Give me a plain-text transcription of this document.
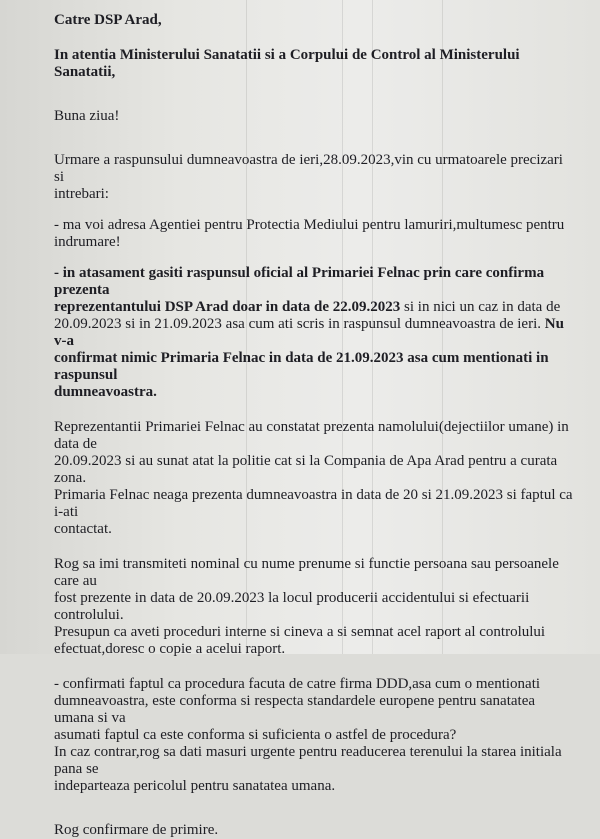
Catre DSP Arad,

In atentia Ministerului Sanatatii si a Corpului de Control al Ministerului Sanatatii,

Buna ziua!

Urmare a raspunsului dumneavoastra de ieri,28.09.2023,vin cu urmatoarele precizari si

intrebari:

- ma voi adresa Agentiei pentru Protectia Mediului pentru lamuriri,multumesc pentru

indrumare!

- in atasament gasiti raspunsul oficial al Primariei Felnac prin care confirma prezenta

reprezentantului DSP Arad doar in data de 22.09.2023 si in nici un caz in data de

20.09.2023 si in 21.09.2023 asa cum ati scris in raspunsul dumneavoastra de ieri. Nu v-a

confirmat nimic Primaria Felnac in data de 21.09.2023 asa cum mentionati in raspunsul

dumneavoastra.

Reprezentantii Primariei Felnac au constatat prezenta namolului(dejectiilor umane) in data de

20.09.2023 si au sunat atat la politie cat si la Compania de Apa Arad pentru a curata zona.

Primaria Felnac neaga prezenta dumneavoastra in data de 20 si 21.09.2023 si faptul ca i-ati

contactat.

Rog sa imi transmiteti nominal cu nume prenume si functie persoana sau persoanele care au

fost prezente in data de 20.09.2023 la locul producerii accidentului si efectuarii controlului.

Presupun ca aveti proceduri interne si cineva a si semnat acel raport al controlului

efectuat,doresc o copie a acelui raport.

- confirmati faptul ca procedura facuta de catre firma DDD,asa cum o mentionati

dumneavoastra, este conforma si respecta standardele europene pentru sanatatea umana si va

asumati faptul ca este conforma si suficienta o astfel de procedura?

In caz contrar,rog sa dati masuri urgente pentru readucerea terenului la starea initiala pana se

indeparteaza pericolul pentru sanatatea umana.

Rog confirmare de primire.
